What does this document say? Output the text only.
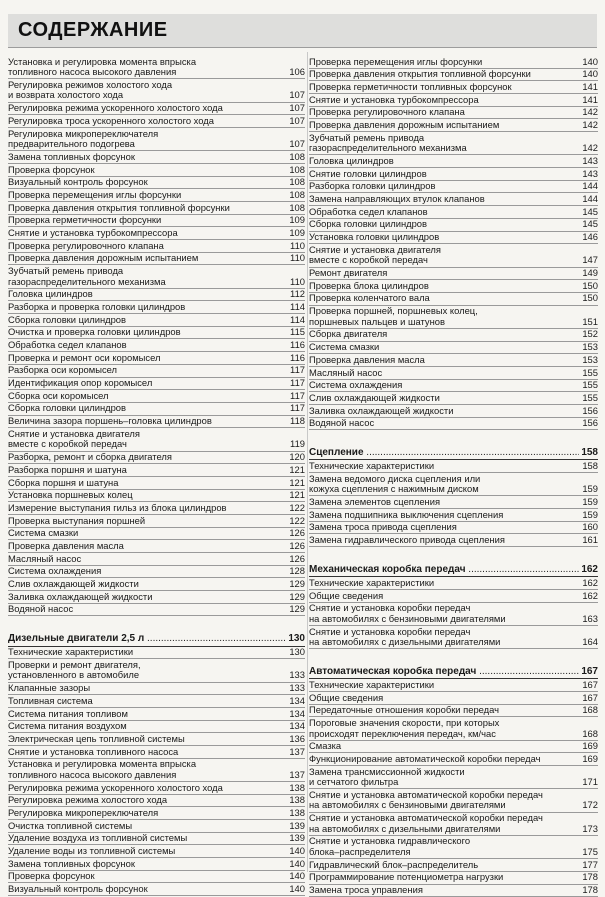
СОДЕРЖАНИЕ
Установка и регулировка момента впрыска
топливного насоса высокого давления	106
Регулировка режимов холостого хода
и возврата холостого хода	107
Регулировка режима ускоренного холостого хода	107
Регулировка троса ускоренного холостого хода	107
Регулировка микропереключателя
предварительного подогрева	107
Замена топливных форсунок	108
Проверка форсунок	108
Визуальный контроль форсунок	108
Проверка перемещения иглы форсунки	108
Проверка давления открытия топливной форсунки	108
Проверка герметичности форсунки	109
Снятие и установка турбокомпрессора	109
Проверка регулировочного клапана	110
Проверка давления дорожным испытанием	110
Зубчатый ремень привода
газораспределительного механизма	110
Головка цилиндров	112
Разборка и проверка головки цилиндров	114
Сборка головки цилиндров	114
Очистка и проверка головки цилиндров	115
Обработка седел клапанов	116
Проверка и ремонт оси коромысел	116
Разборка оси коромысел	117
Идентификация опор коромысел	117
Сборка оси коромысел	117
Сборка головки цилиндров	117
Величина зазора поршень–головка цилиндров	118
Снятие и установка двигателя
вместе с коробкой передач	119
Разборка, ремонт и сборка двигателя	120
Разборка поршня и шатуна	121
Сборка поршня и шатуна	121
Установка поршневых колец	121
Измерение выступания гильз из блока цилиндров	122
Проверка выступания поршней	122
Система смазки	126
Проверка давления масла	126
Масляный насос	126
Система охлаждения	128
Слив охлаждающей жидкости	129
Заливка охлаждающей жидкости	129
Водяной насос	129
Дизельные двигатели 2,5 л .....	130
Технические характеристики	130
Проверки и ремонт двигателя,
установленного в автомобиле	133
Клапанные зазоры	133
Топливная система	134
Система питания топливом	134
Система питания воздухом	134
Электрическая цепь топливной системы	136
Снятие и установка топливного насоса	137
Установка и регулировка момента впрыска
топливного насоса высокого давления	137
Регулировка режима ускоренного холостого хода	138
Регулировка режима холостого хода	138
Регулировка микропереключателя	138
Очистка топливной системы	139
Удаление воздуха из топливной системы	139
Удаление воды из топливной системы	140
Замена топливных форсунок	140
Проверка форсунок	140
Визуальный контроль форсунок	140
Проверка перемещения иглы форсунки	140
Проверка давления открытия топливной форсунки	140
Проверка герметичности топливных форсунок	141
Снятие и установка турбокомпрессора	141
Проверка регулировочного клапана	142
Проверка давления дорожным испытанием	142
Зубчатый ремень привода
газораспределительного механизма	142
Головка цилиндров	143
Снятие головки цилиндров	143
Разборка головки цилиндров	144
Замена направляющих втулок клапанов	144
Обработка седел клапанов	145
Сборка головки цилиндров	145
Установка головки цилиндров	146
Снятие и установка двигателя
вместе с коробкой передач	147
Ремонт двигателя	149
Проверка блока цилиндров	150
Проверка коленчатого вала	150
Проверка поршней, поршневых колец,
поршневых пальцев и шатунов	151
Сборка двигателя	152
Система смазки	153
Проверка давления масла	153
Масляный насос	155
Система охлаждения	155
Слив охлаждающей жидкости	155
Заливка охлаждающей жидкости	156
Водяной насос	156
Сцепление .....	158
Технические характеристики	158
Замена ведомого диска сцепления или
кожуха сцепления с нажимным диском	159
Замена элементов сцепления	159
Замена подшипника выключения сцепления	159
Замена троса привода сцепления	160
Замена гидравлического привода сцепления	161
Механическая коробка передач .....	162
Технические характеристики	162
Общие сведения	162
Снятие и установка коробки передач
на автомобилях с бензиновыми двигателями	163
Снятие и установка коробки передач
на автомобилях с дизельными двигателями	164
Автоматическая коробка передач .....	167
Технические характеристики	167
Общие сведения	167
Передаточные отношения коробки передач	168
Пороговые значения скорости, при которых
происходят переключения передач, км/час	168
Смазка	169
Функционирование автоматической коробки передач	169
Замена трансмиссионной жидкости
и сетчатого фильтра	171
Снятие и установка автоматической коробки передач
на автомобилях с бензиновыми двигателями	172
Снятие и установка автоматической коробки передач
на автомобилях с дизельными двигателями	173
Снятие и установка гидравлического
блока–распределителя	175
Гидравлический блок–распределитель	177
Программирование потенциометра нагрузки	178
Замена троса управления	178
